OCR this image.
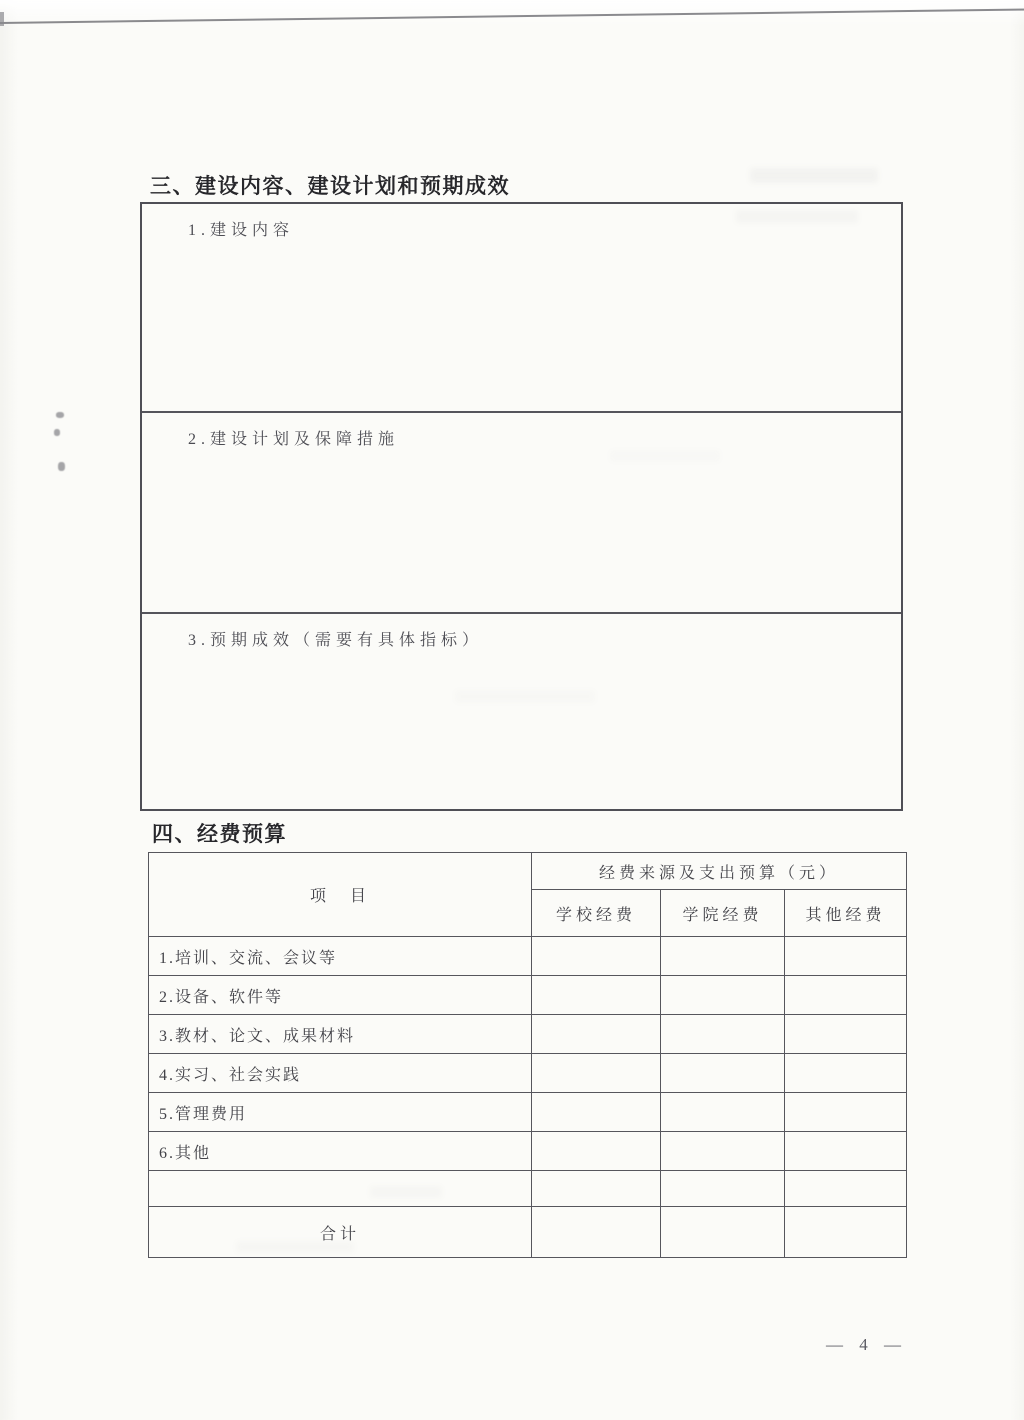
三、建设内容、建设计划和预期成效
1.建设内容
2.建设计划及保障措施
3.预期成效（需要有具体指标）
四、经费预算
项　目	经费来源及支出预算（元）		
	学校经费	学院经费	其他经费
1.培训、交流、会议等			
2.设备、软件等			
3.教材、论文、成果材料			
4.实习、社会实践			
5.管理费用			
6.其他			

合计			
— 4 —
